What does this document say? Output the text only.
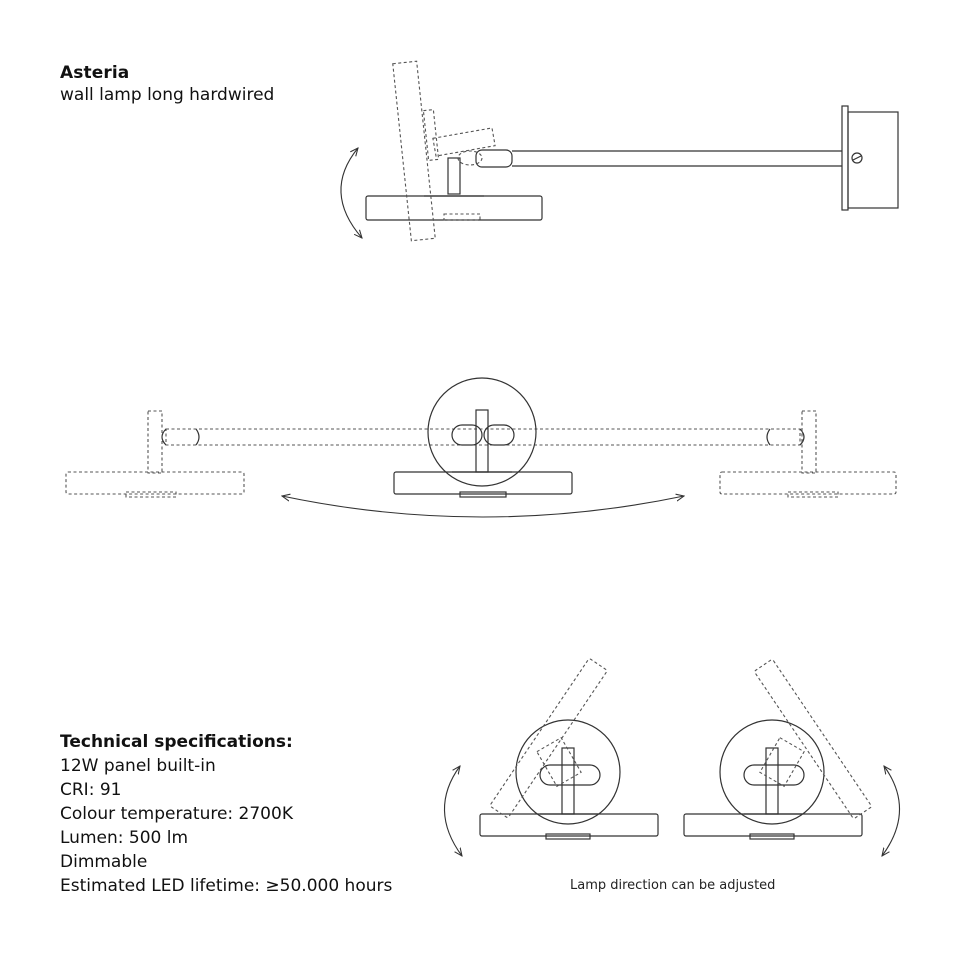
Asteria
wall lamp long hardwired
Technical specifications:
12W panel built-in
CRI: 91
Colour temperature: 2700K
Lumen: 500 lm
Dimmable
Estimated LED lifetime: ≥50.000 hours	Lamp direction can be adjusted
